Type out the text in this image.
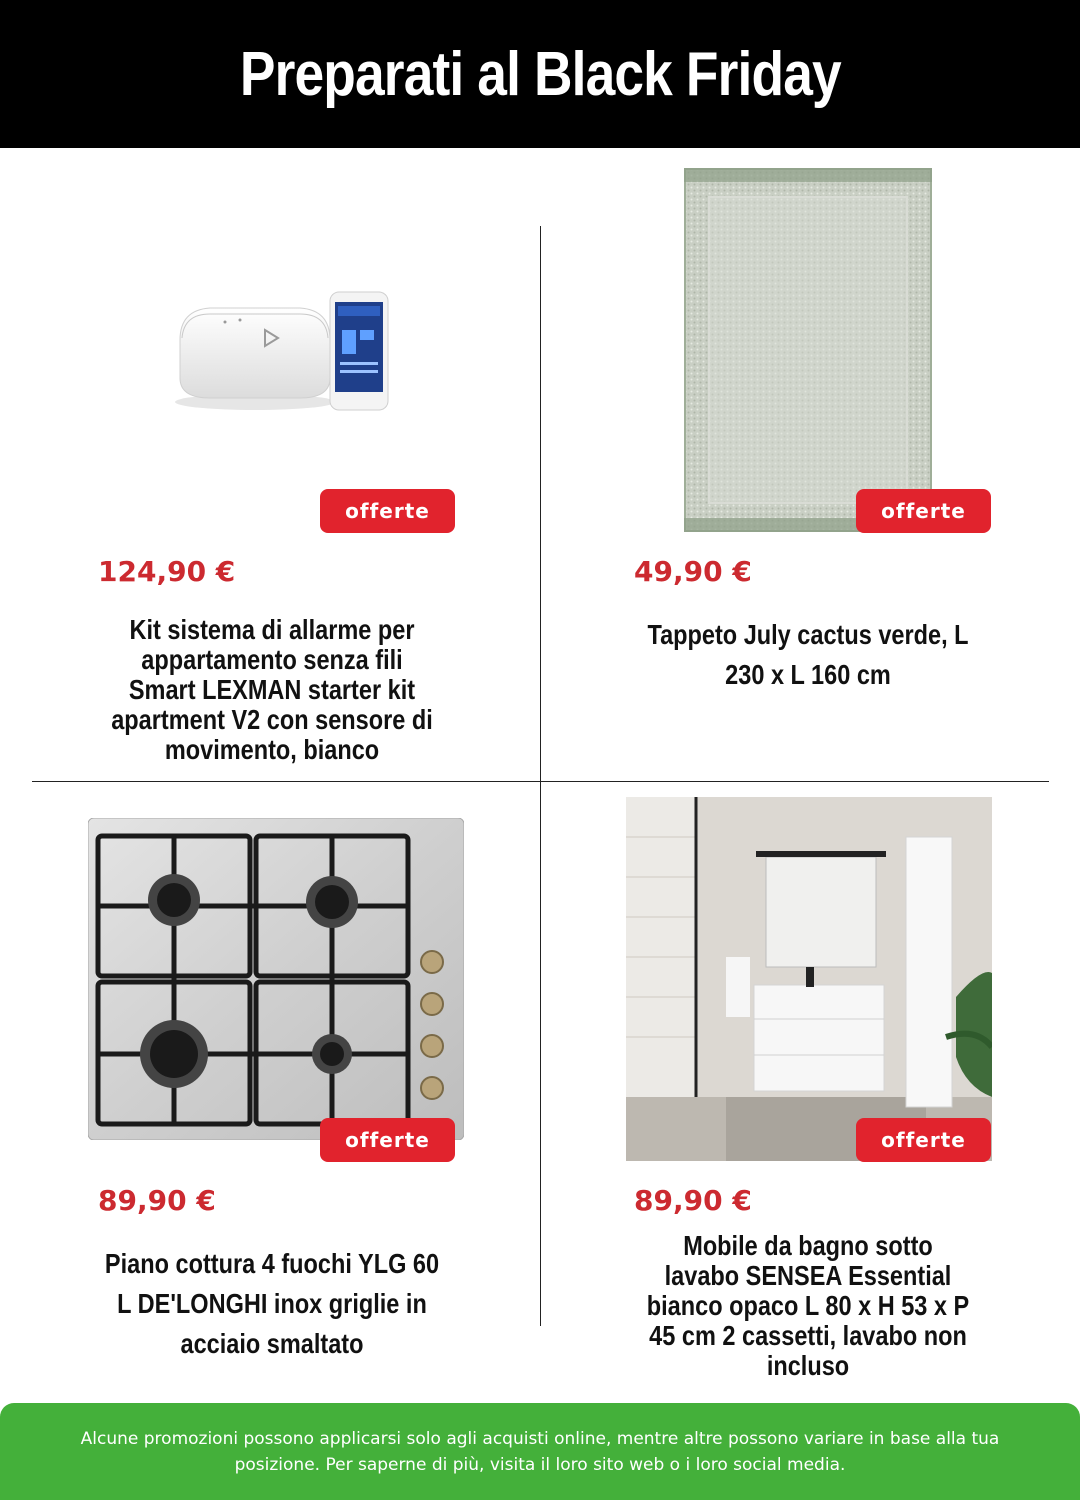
Preparati al Black Friday
offerte
124,90 €
Kit sistema di allarme per appartamento senza fili Smart LEXMAN starter kit apartment V2 con sensore di movimento, bianco
offerte
49,90 €
Tappeto July cactus verde, L 230 x L 160 cm
offerte
89,90 €
Piano cottura 4 fuochi YLG 60 L DE'LONGHI inox griglie in acciaio smaltato
offerte
89,90 €
Mobile da bagno sotto lavabo SENSEA Essential bianco opaco L 80 x H 53 x P 45 cm 2 cassetti, lavabo non incluso

Alcune promozioni possono applicarsi solo agli acquisti online, mentre altre possono variare in base alla tua posizione. Per saperne di più, visita il loro sito web o i loro social media.
